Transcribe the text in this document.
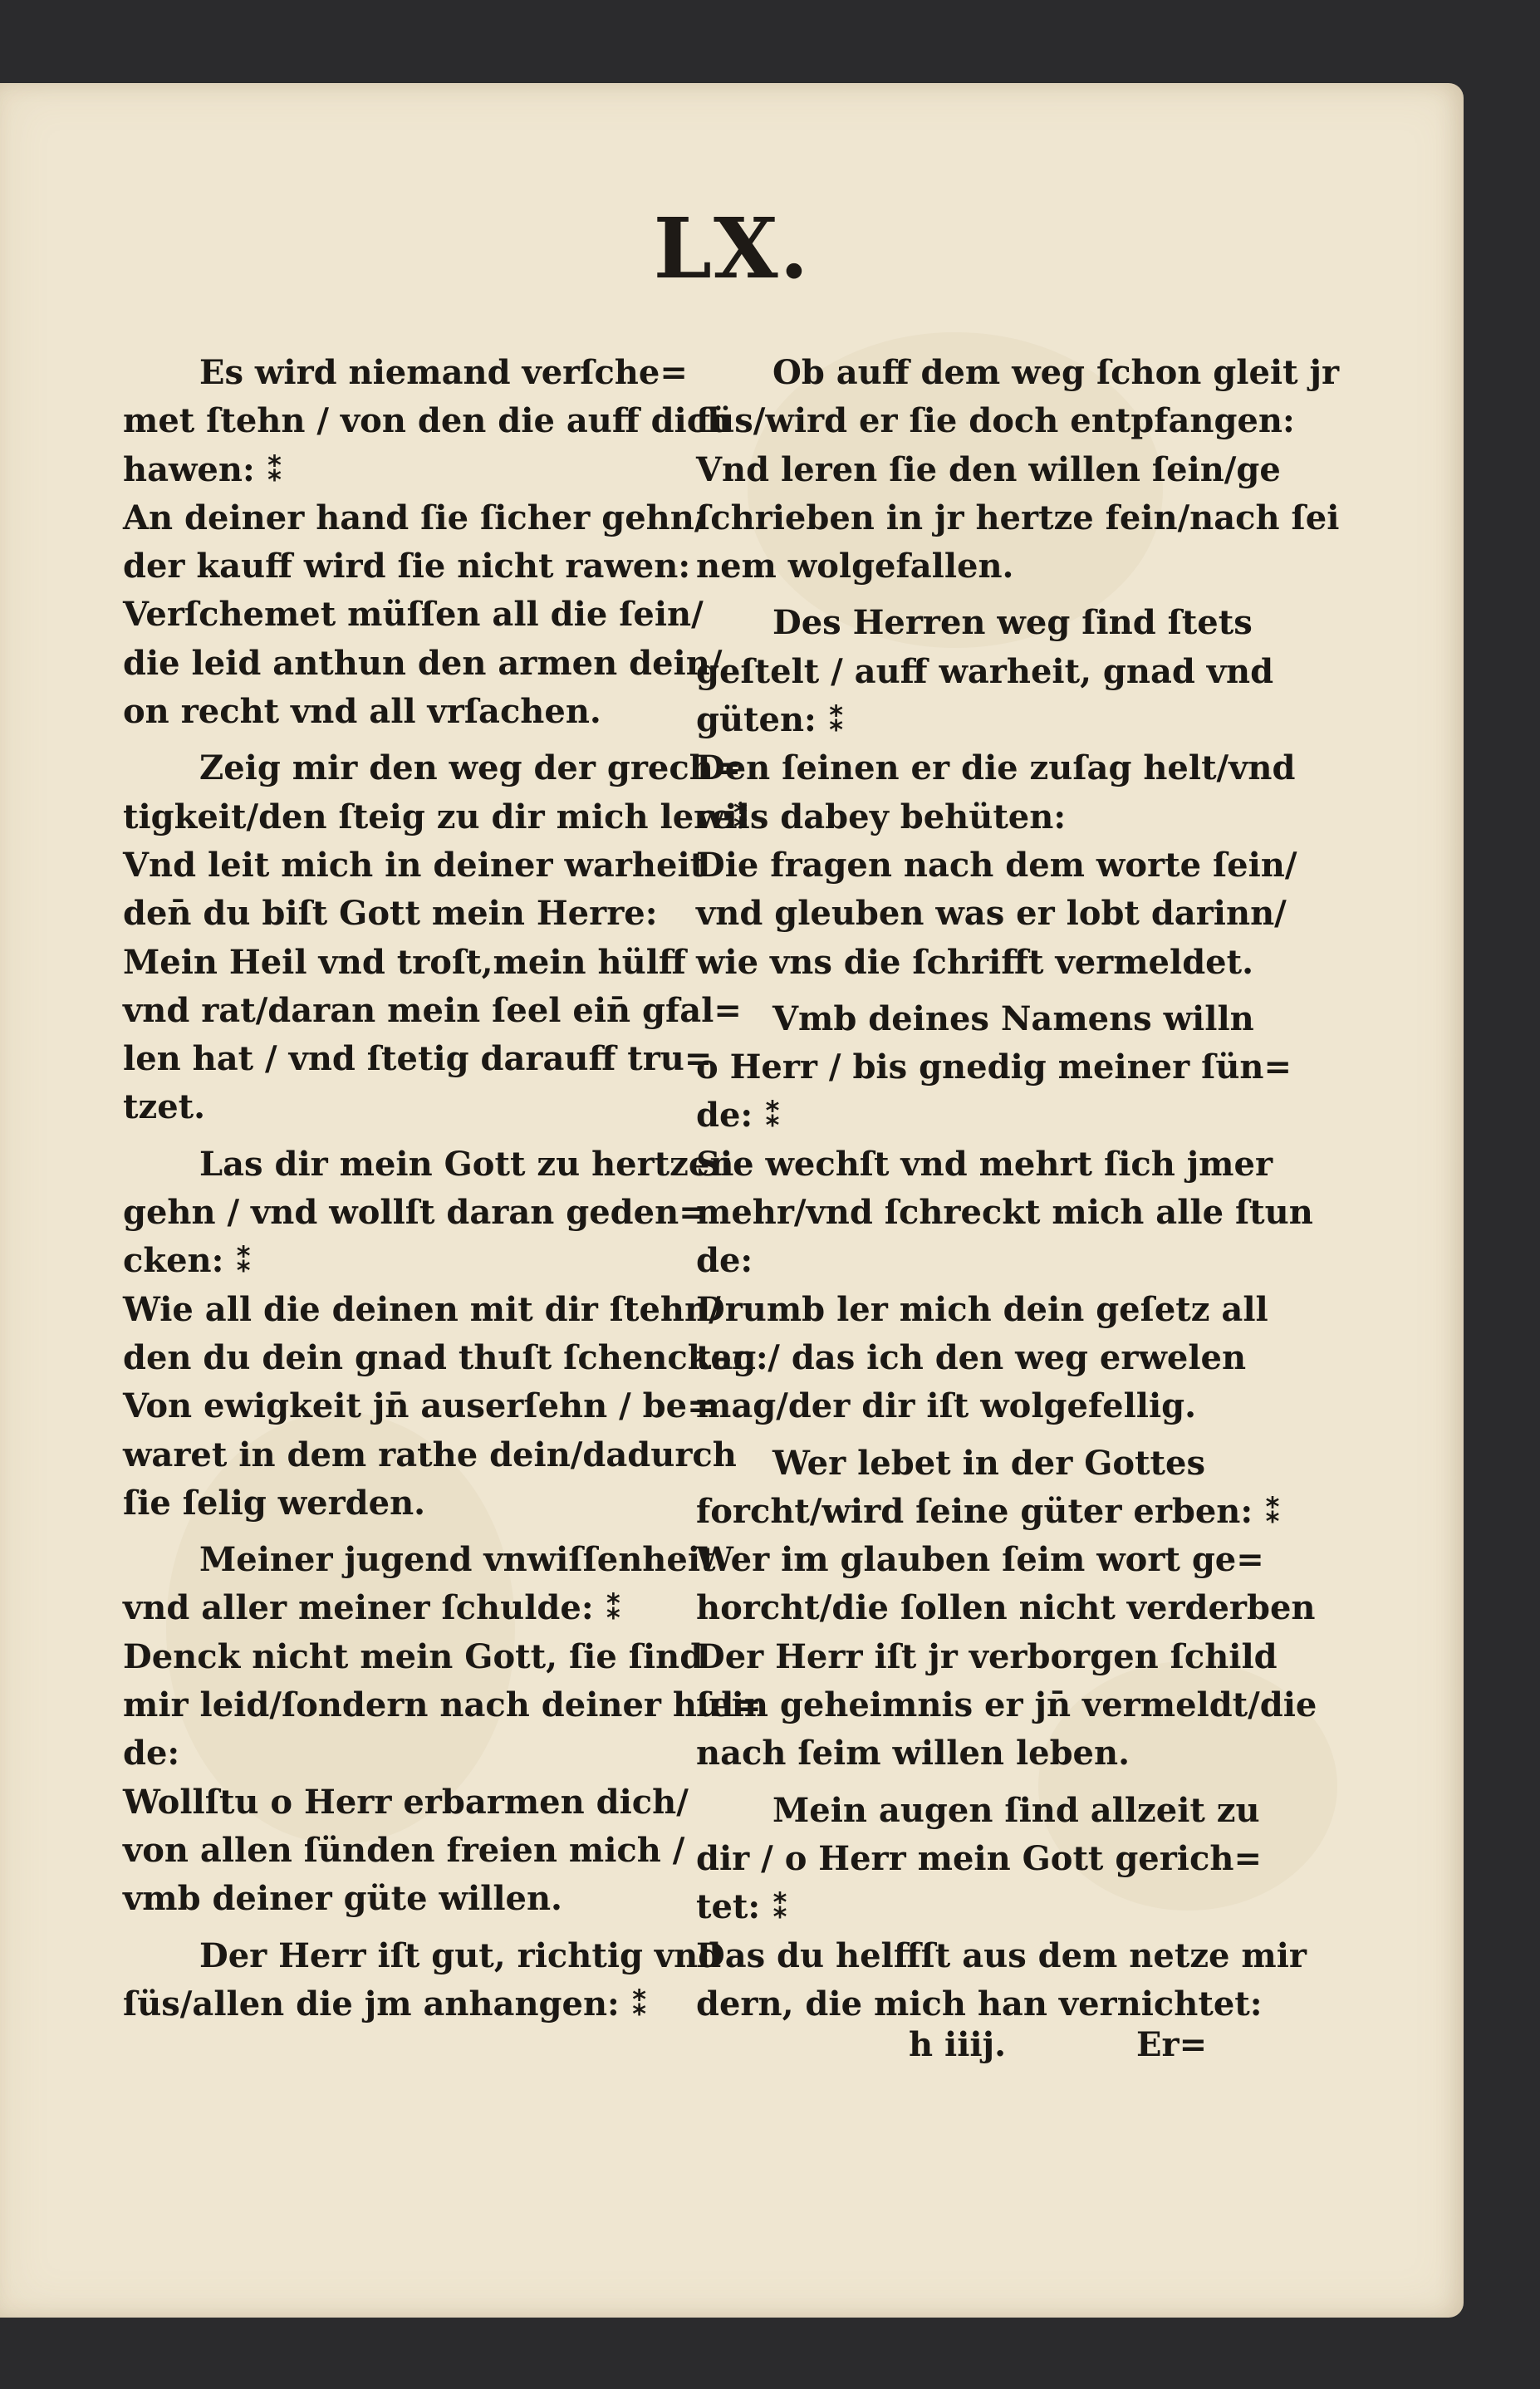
LX.
Es wird niemand verſche=
met ſtehn / von den die auff dich
hawen: ⁑
An deiner hand ſie ſicher gehn/
der kauff wird ſie nicht rawen:
Verſchemet müſſen all die ſein/
die leid anthun den armen dein/
on recht vnd all vrſachen.
Zeig mir den weg der grech=
tigkeit/den ſteig zu dir mich lere⁑
Vnd leit mich in deiner warheit
den̄ du biſt Gott mein Herre:
Mein Heil vnd troſt,mein hülff
vnd rat/daran mein ſeel ein̄ gfal=
len hat / vnd ſtetig darauff tru=
tzet.
Las dir mein Gott zu hertzen
gehn / vnd wollſt daran geden=
cken: ⁑
Wie all die deinen mit dir ſtehn/
den du dein gnad thuſt ſchencken:
Von ewigkeit jn̄ auserſehn / be=
waret in dem rathe dein/dadurch
ſie ſelig werden.
Meiner jugend vnwiſſenheit
vnd aller meiner ſchulde: ⁑
Denck nicht mein Gott, ſie ſind
mir leid/ſondern nach deiner hul=
de:
Wollſtu o Herr erbarmen dich/
von allen ſünden freien mich /
vmb deiner güte willen.
Der Herr iſt gut, richtig vnd
ſüs/allen die jm anhangen: ⁑
Ob auff dem weg ſchon gleit jr
füs/wird er ſie doch entpfangen:
Vnd leren ſie den willen ſein/ge
ſchrieben in jr hertze fein/nach ſei
nem wolgefallen.
Des Herren weg ſind ſtets
geſtelt / auff warheit, gnad vnd
güten: ⁑
Den ſeinen er die zuſag helt/vnd
wils dabey behüten:
Die fragen nach dem worte ſein/
vnd gleuben was er lobt darinn/
wie vns die ſchrifft vermeldet.
Vmb deines Namens willn
o Herr / bis gnedig meiner ſün=
de: ⁑
Sie wechſt vnd mehrt ſich jmer
mehr/vnd ſchreckt mich alle ſtun
de:
Drumb ler mich dein geſetz all
tag / das ich den weg erwelen
mag/der dir iſt wolgefellig.
Wer lebet in der Gottes
forcht/wird ſeine güter erben: ⁑
Wer im glauben ſeim wort ge=
horcht/die ſollen nicht verderben
Der Herr iſt jr verborgen ſchild
ſein geheimnis er jn̄ vermeldt/die
nach ſeim willen leben.
Mein augen ſind allzeit zu
dir / o Herr mein Gott gerich=
tet: ⁑
Das du helffſt aus dem netze mir
dern, die mich han vernichtet:
h iiij.	Er=
